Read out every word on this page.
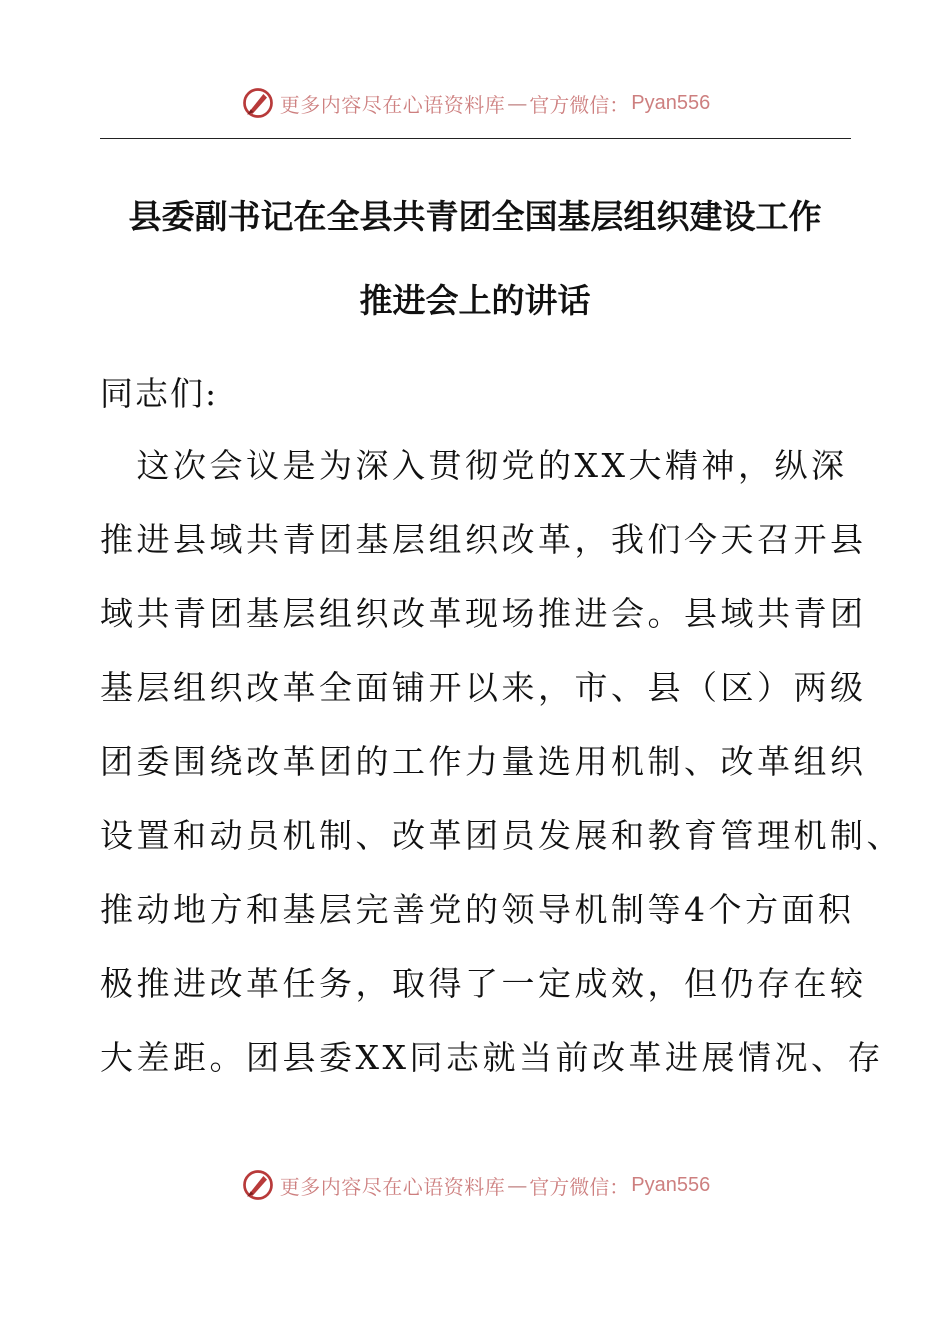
更多内容尽在心语资料库 — 官方微信： Pyan556
县委副书记在全县共青团全国基层组织建设工作
推进会上的讲话
同志们:
　这次会议是为深入贯彻党的XX大精神，纵深
推进县域共青团基层组织改革，我们今天召开县
域共青团基层组织改革现场推进会。县域共青团
基层组织改革全面铺开以来，市、县（区）两级
团委围绕改革团的工作力量选用机制、改革组织
设置和动员机制、改革团员发展和教育管理机制、
推动地方和基层完善党的领导机制等4个方面积
极推进改革任务，取得了一定成效，但仍存在较
大差距。团县委XX同志就当前改革进展情况、存
更多内容尽在心语资料库 — 官方微信： Pyan556
